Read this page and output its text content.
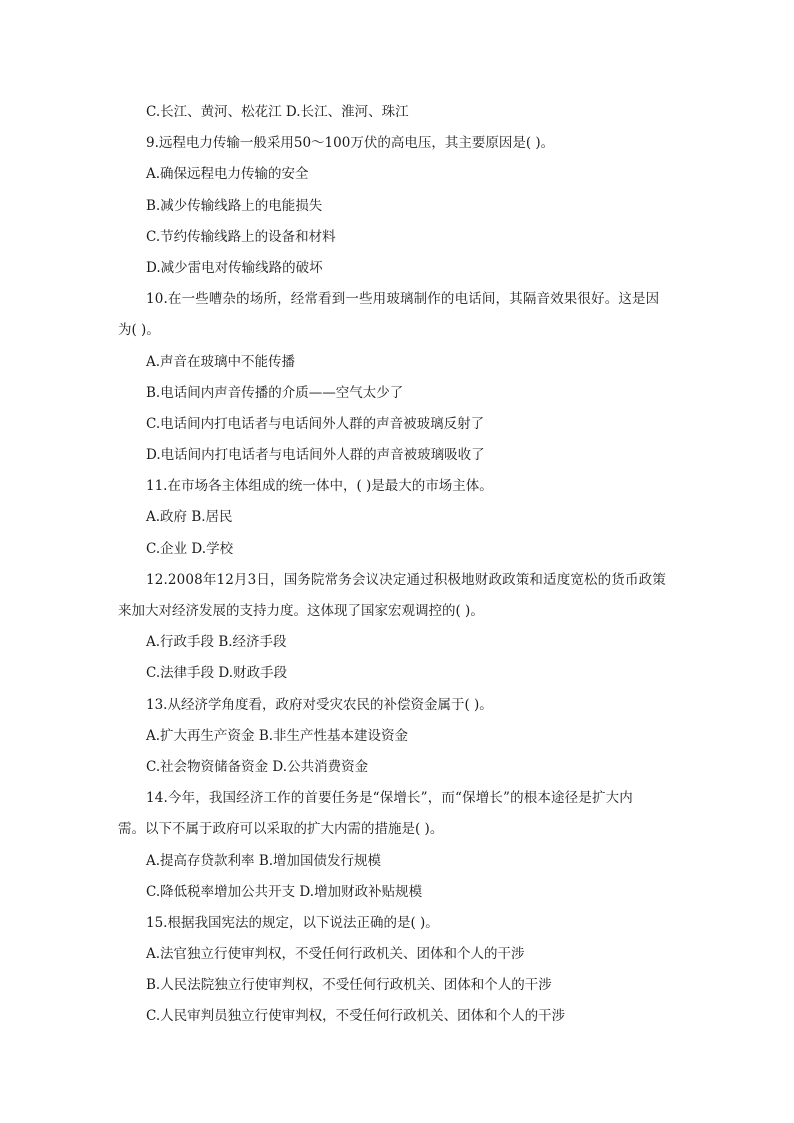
C.长江、黄河、松花江 D.长江、淮河、珠江
9.远程电力传输一般采用50～100万伏的高电压，其主要原因是( )。
A.确保远程电力传输的安全
B.减少传输线路上的电能损失
C.节约传输线路上的设备和材料
D.减少雷电对传输线路的破坏
10.在一些嘈杂的场所，经常看到一些用玻璃制作的电话间，其隔音效果很好。这是因
为( )。
A.声音在玻璃中不能传播
B.电话间内声音传播的介质——空气太少了
C.电话间内打电话者与电话间外人群的声音被玻璃反射了
D.电话间内打电话者与电话间外人群的声音被玻璃吸收了
11.在市场各主体组成的统一体中，( )是最大的市场主体。
A.政府 B.居民
C.企业 D.学校
12.2008年12月3日，国务院常务会议决定通过积极地财政政策和适度宽松的货币政策
来加大对经济发展的支持力度。这体现了国家宏观调控的( )。
A.行政手段 B.经济手段
C.法律手段 D.财政手段
13.从经济学角度看，政府对受灾农民的补偿资金属于( )。
A.扩大再生产资金 B.非生产性基本建设资金
C.社会物资储备资金 D.公共消费资金
14.今年，我国经济工作的首要任务是“保增长”，而“保增长”的根本途径是扩大内
需。以下不属于政府可以采取的扩大内需的措施是( )。
A.提高存贷款利率 B.增加国债发行规模
C.降低税率增加公共开支 D.增加财政补贴规模
15.根据我国宪法的规定，以下说法正确的是( )。
A.法官独立行使审判权，不受任何行政机关、团体和个人的干涉
B.人民法院独立行使审判权，不受任何行政机关、团体和个人的干涉
C.人民审判员独立行使审判权，不受任何行政机关、团体和个人的干涉
